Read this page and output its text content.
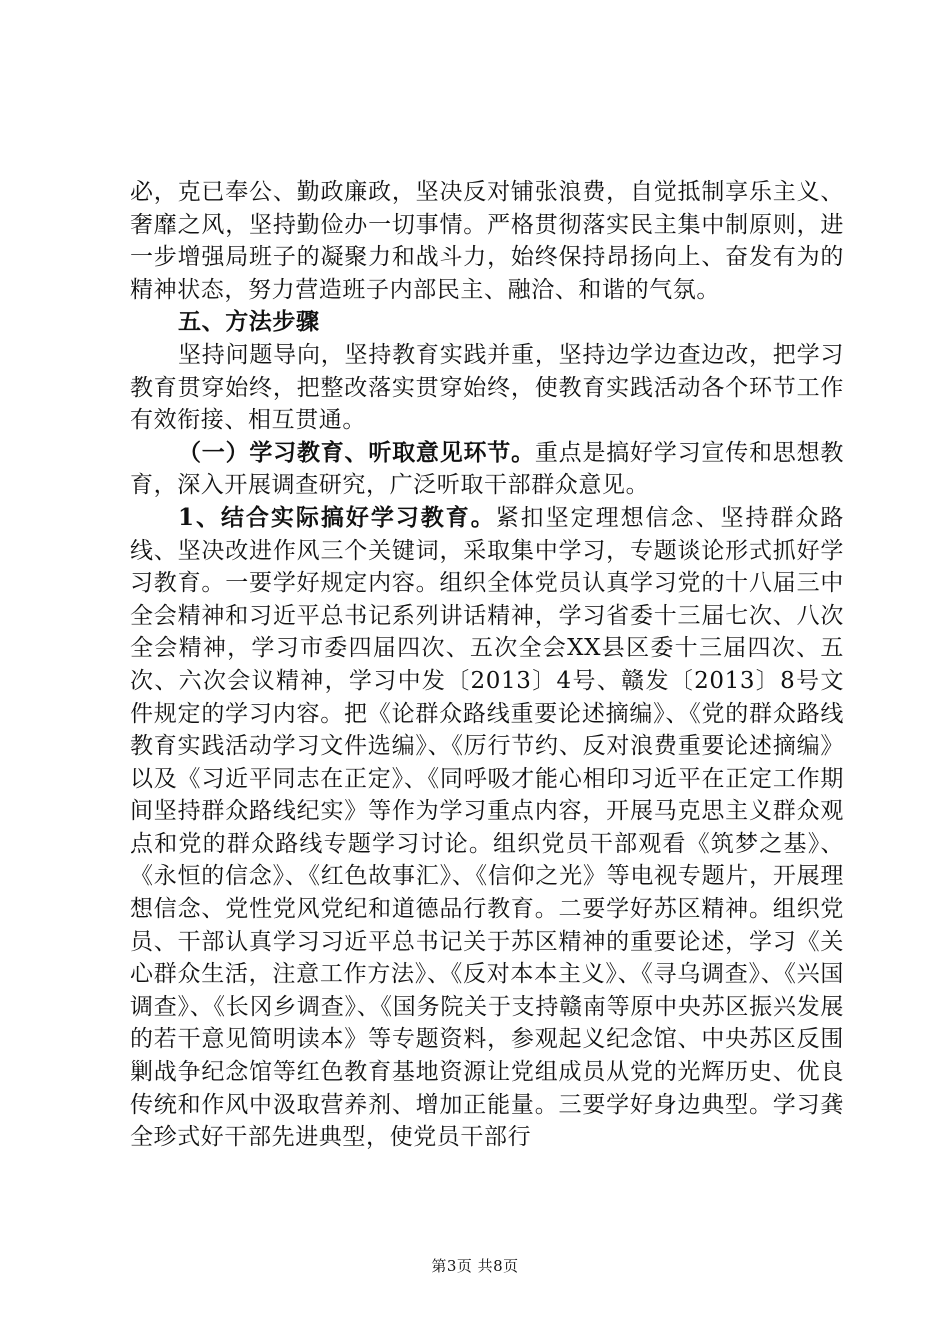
必，克已奉公、勤政廉政，坚决反对铺张浪费，自觉抵制享乐主义、奢靡之风，坚持勤俭办一切事情。严格贯彻落实民主集中制原则，进一步增强局班子的凝聚力和战斗力，始终保持昂扬向上、奋发有为的精神状态，努力营造班子内部民主、融洽、和谐的气氛。

五、方法步骤

坚持问题导向，坚持教育实践并重，坚持边学边查边改，把学习教育贯穿始终，把整改落实贯穿始终，使教育实践活动各个环节工作有效衔接、相互贯通。

（一）学习教育、听取意见环节。重点是搞好学习宣传和思想教育，深入开展调查研究，广泛听取干部群众意见。

1、结合实际搞好学习教育。紧扣坚定理想信念、坚持群众路线、坚决改进作风三个关键词，采取集中学习，专题谈论形式抓好学习教育。一要学好规定内容。组织全体党员认真学习党的十八届三中全会精神和习近平总书记系列讲话精神，学习省委十三届七次、八次全会精神，学习市委四届四次、五次全会XX县区委十三届四次、五次、六次会议精神，学习中发〔2013〕4号、赣发〔2013〕8号文件规定的学习内容。把《论群众路线重要论述摘编》、《党的群众路线教育实践活动学习文件选编》、《厉行节约、反对浪费重要论述摘编》以及《习近平同志在正定》、《同呼吸才能心相印习近平在正定工作期间坚持群众路线纪实》等作为学习重点内容，开展马克思主义群众观点和党的群众路线专题学习讨论。组织党员干部观看《筑梦之基》、《永恒的信念》、《红色故事汇》、《信仰之光》等电视专题片，开展理想信念、党性党风党纪和道德品行教育。二要学好苏区精神。组织党员、干部认真学习习近平总书记关于苏区精神的重要论述，学习《关心群众生活，注意工作方法》、《反对本本主义》、《寻乌调查》、《兴国调查》、《长冈乡调查》、《国务院关于支持赣南等原中央苏区振兴发展的若干意见简明读本》等专题资料，参观起义纪念馆、中央苏区反围剿战争纪念馆等红色教育基地资源让党组成员从党的光辉历史、优良传统和作风中汲取营养剂、增加正能量。三要学好身边典型。学习龚全珍式好干部先进典型，使党员干部行

第3页 共8页
